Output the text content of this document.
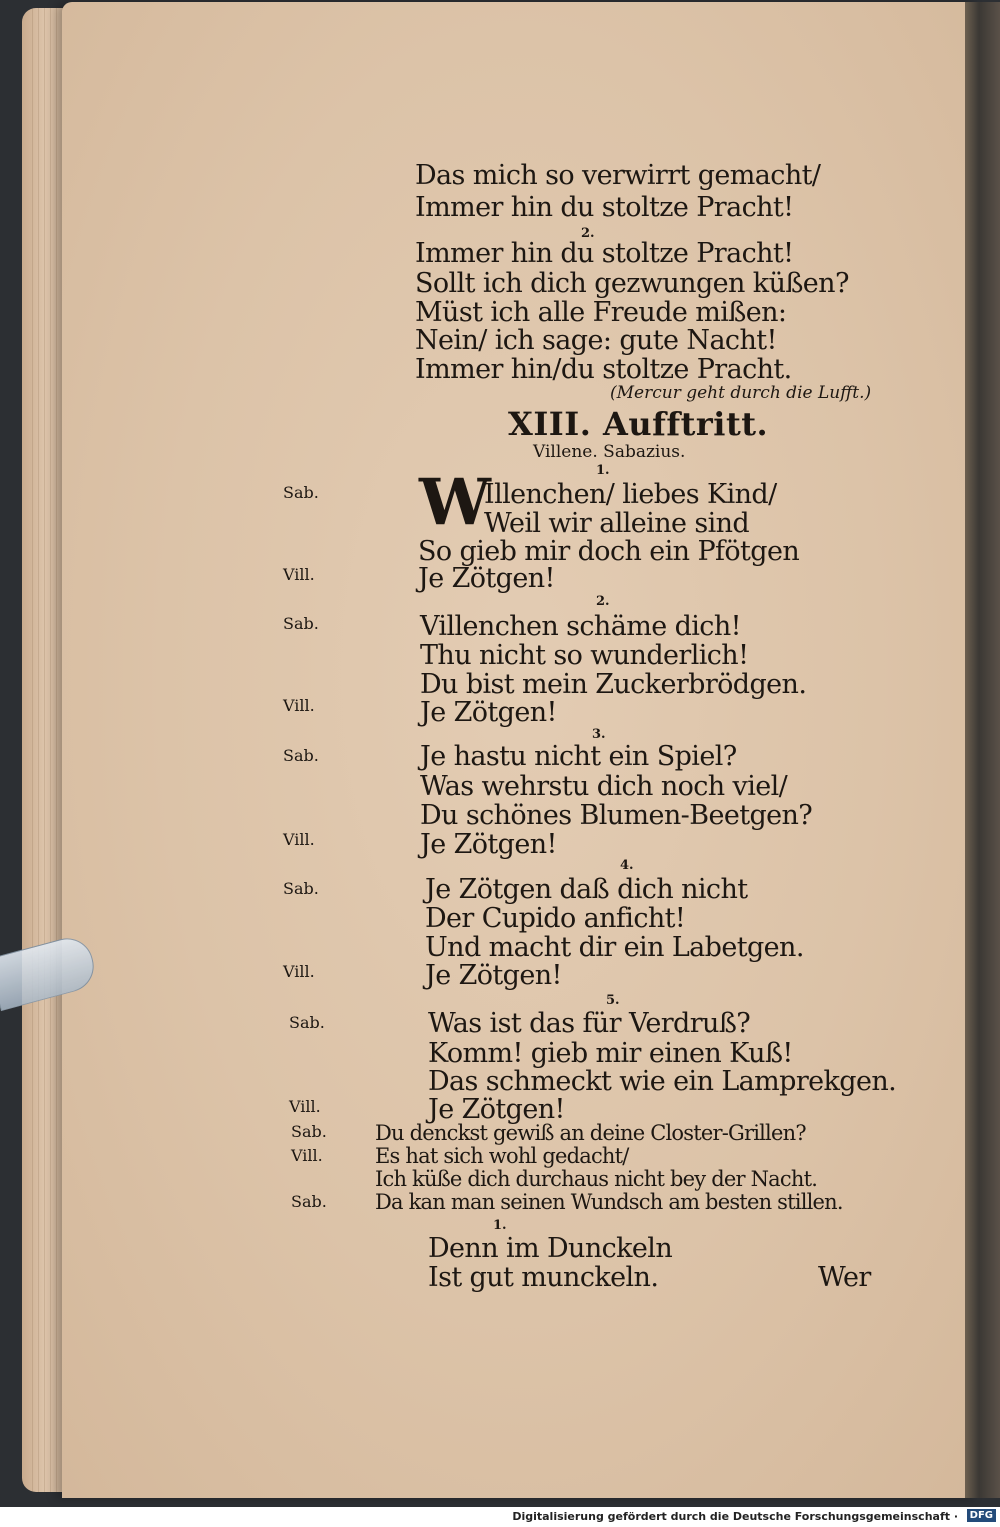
Das mich so verwirrt gemacht/
Immer hin du stoltze Pracht!
2.
Immer hin du stoltze Pracht!
Sollt ich dich gezwungen küßen?
Müst ich alle Freude mißen:
Nein/ ich sage: gute Nacht!
Immer hin/du stoltze Pracht.
(Mercur geht durch die Lufft.)
XIII. Aufftritt.
Villene. Sabazius.
1.
Sab. W
Illenchen/ liebes Kind/
Weil wir alleine sind
So gieb mir doch ein Pfötgen
Vill.	Je Zötgen!
2.
Sab.	Villenchen schäme dich!
Thu nicht so wunderlich!
Du bist mein Zuckerbrödgen.
Vill.	Je Zötgen!
3.
Sab.	Je hastu nicht ein Spiel?
Was wehrstu dich noch viel/
Du schönes Blumen-Beetgen?
Vill.	Je Zötgen!
4.
Sab.	Je Zötgen daß dich nicht
Der Cupido anficht!
Und macht dir ein Labetgen.
Vill.	Je Zötgen!
5.
Sab.	Was ist das für Verdruß?
Komm! gieb mir einen Kuß!
Das schmeckt wie ein Lamprekgen.
Vill.	Je Zötgen!
Sab. Du denckst gewiß an deine Closter-Grillen?
Vill. Es hat sich wohl gedacht/
Ich küße dich durchaus nicht bey der Nacht.
Sab. Da kan man seinen Wundsch am besten stillen.
1.
Denn im Dunckeln
Ist gut munckeln.	Wer
Digitalisierung gefördert durch die Deutsche Forschungsgemeinschaft ·	DFG
